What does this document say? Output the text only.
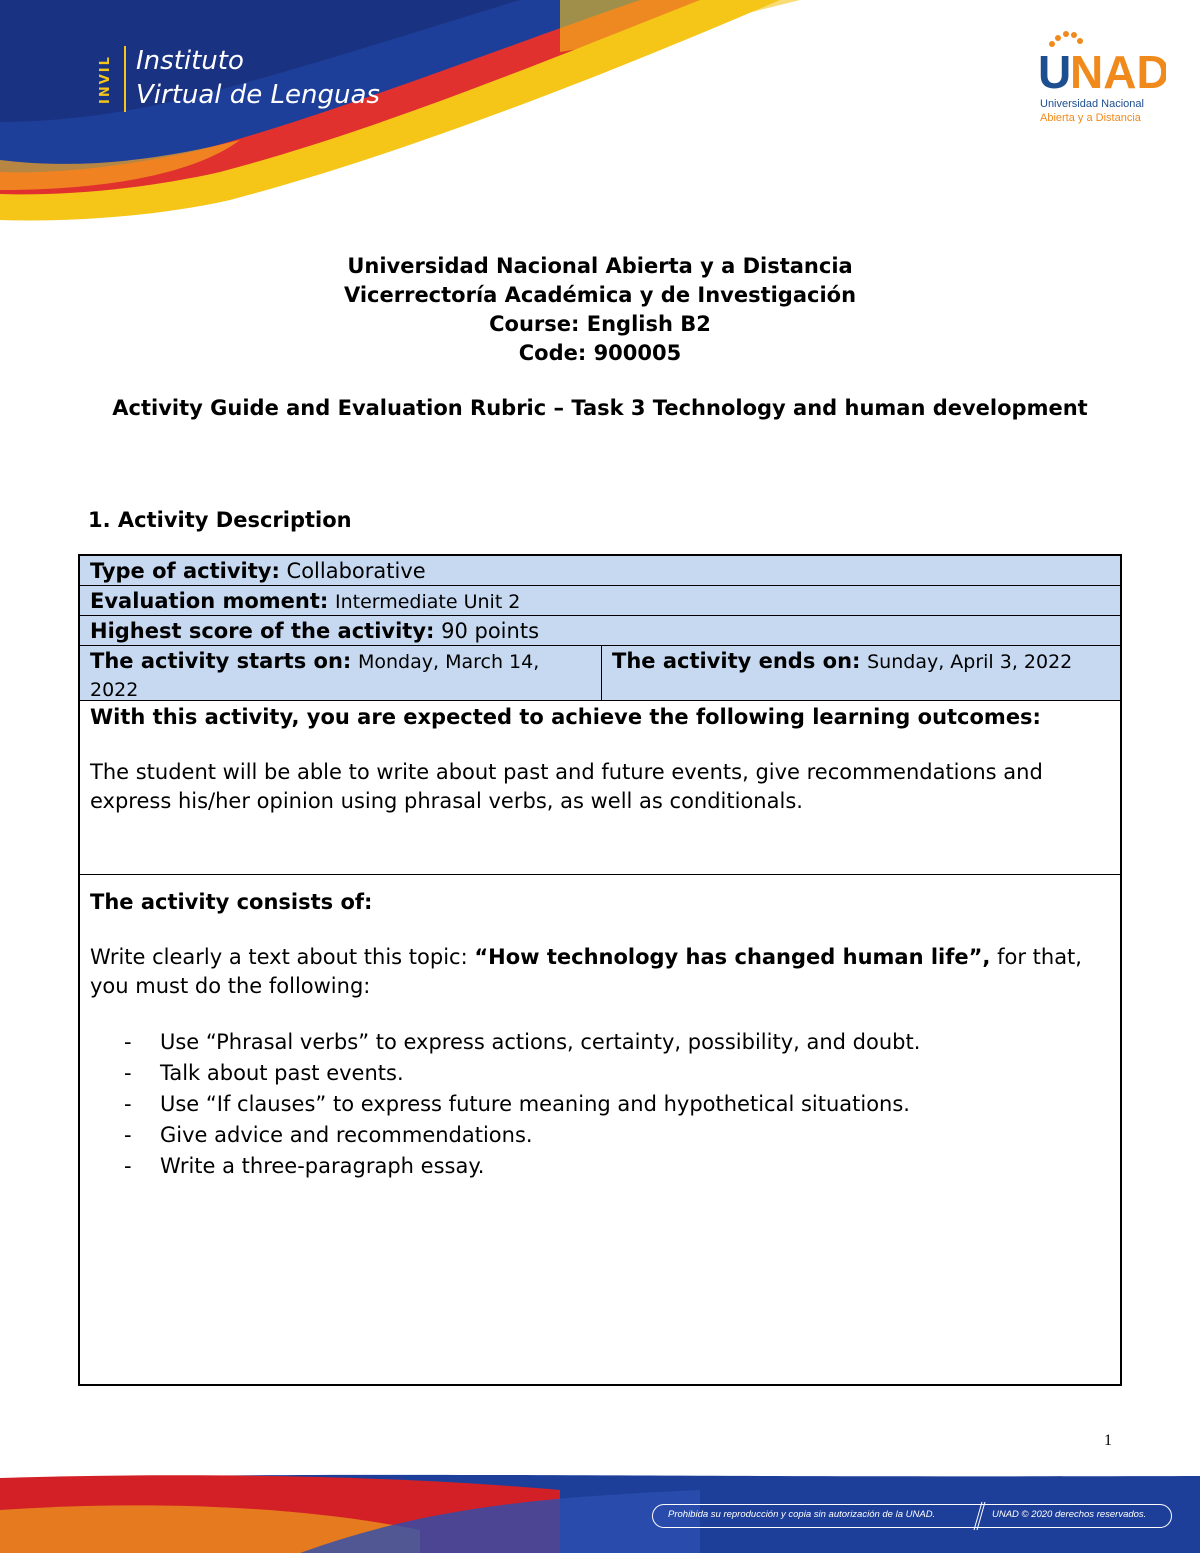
INVIL Instituto
Virtual de Lenguas	U
NAD
Universidad Nacional
Abierta y a Distancia
Universidad Nacional Abierta y a Distancia
Vicerrectoría Académica y de Investigación
Course: English B2
Code: 900005
Activity Guide and Evaluation Rubric – Task 3 Technology and human development
1. Activity Description
Type of activity: Collaborative
Evaluation moment: Intermediate Unit 2
Highest score of the activity: 90 points
The activity starts on: Monday, March 14, 2022
The activity ends on: Sunday, April 3, 2022

With this activity, you are expected to achieve the following learning outcomes:

The student will be able to write about past and future events, give recommendations and express his/her opinion using phrasal verbs, as well as conditionals.

The activity consists of:

Write clearly a text about this topic: “How technology has changed human life”, for that, you must do the following:

- Use “Phrasal verbs” to express actions, certainty, possibility, and doubt.
- Talk about past events.
- Use “If clauses” to express future meaning and hypothetical situations.
- Give advice and recommendations.
- Write a three-paragraph essay.
1
Prohibida su reproducción y copia sin autorización de la UNAD.	UNAD © 2020 derechos reservados.
